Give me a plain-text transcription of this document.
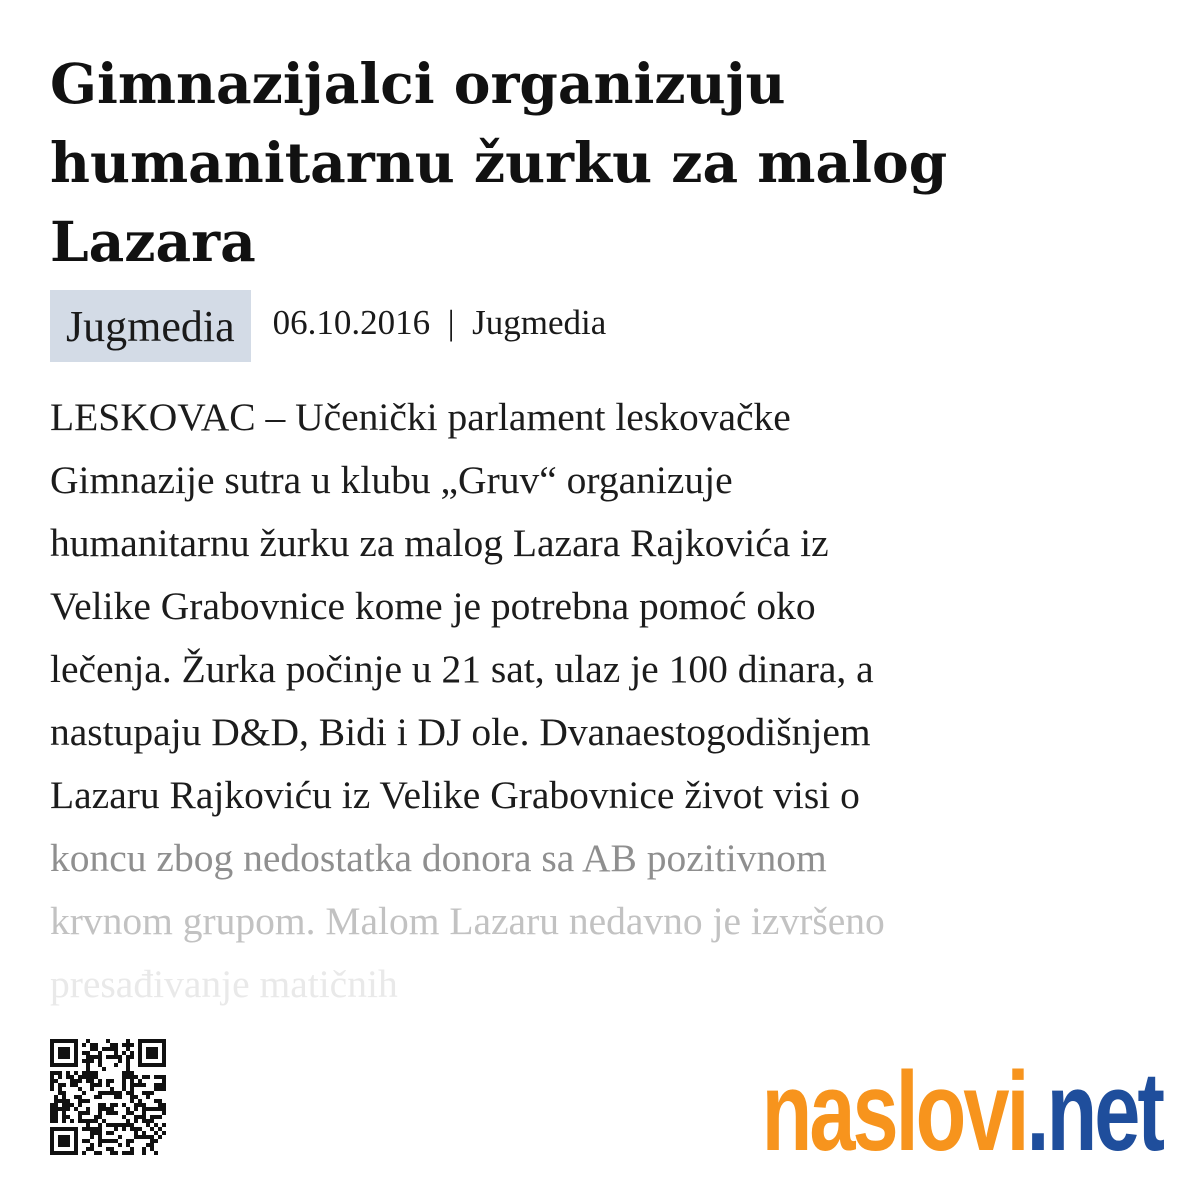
Gimnazijalci organizuju humanitarnu žurku za malog Lazara
Jugmedia	06.10.2016  |  Jugmedia
LESKOVAC – Učenički parlament leskovačke
Gimnazije sutra u klubu „Gruv“ organizuje
humanitarnu žurku za malog Lazara Rajkovića iz
Velike Grabovnice kome je potrebna pomoć oko
lečenja. Žurka počinje u 21 sat, ulaz je 100 dinara, a
nastupaju D&D, Bidi i DJ ole. Dvanaestogodišnjem
Lazaru Rajkoviću iz Velike Grabovnice život visi o
koncu zbog nedostatka donora sa AB pozitivnom
krvnom grupom. Malom Lazaru nedavno je izvršeno
presađivanje matičnih
naslovi.net
